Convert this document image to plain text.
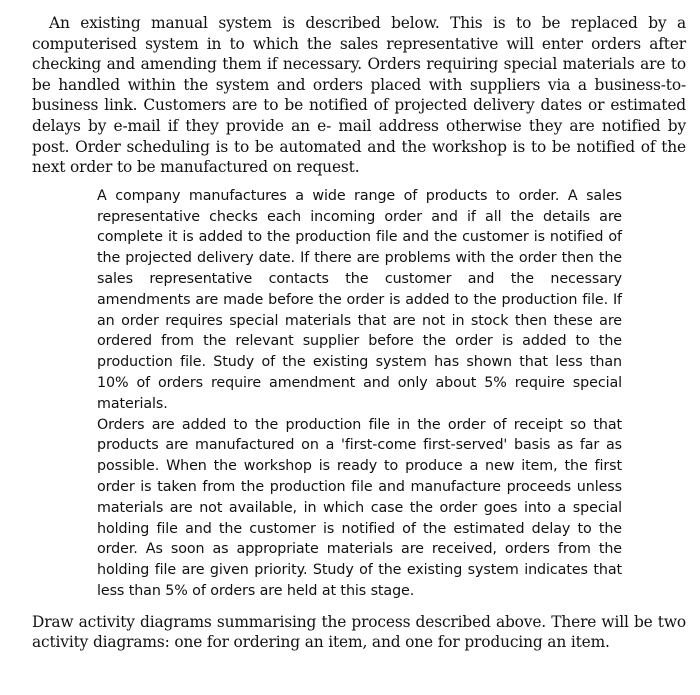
An existing manual system is described below. This is to be replaced by a computerised system in to which the sales representative will enter orders after checking and amending them if necessary. Orders requiring special materials are to be handled within the system and orders placed with suppliers via a business-to-business link. Customers are to be notified of projected delivery dates or estimated delays by e-mail if they provide an e- mail address otherwise they are notified by post. Order scheduling is to be automated and the workshop is to be notified of the next order to be manufactured on request.

A company manufactures a wide range of products to order. A sales representative checks each incoming order and if all the details are complete it is added to the production file and the customer is notified of the projected delivery date. If there are problems with the order then the sales representative contacts the customer and the necessary amendments are made before the order is added to the production file. If an order requires special materials that are not in stock then these are ordered from the relevant supplier before the order is added to the production file. Study of the existing system has shown that less than 10% of orders require amendment and only about 5% require special materials.

Orders are added to the production file in the order of receipt so that products are manufactured on a 'first-come first-served' basis as far as possible. When the workshop is ready to produce a new item, the first order is taken from the production file and manufacture proceeds unless materials are not available, in which case the order goes into a special holding file and the customer is notified of the estimated delay to the order. As soon as appropriate materials are received, orders from the holding file are given priority. Study of the existing system indicates that less than 5% of orders are held at this stage.

Draw activity diagrams summarising the process described above. There will be two activity diagrams: one for ordering an item, and one for producing an item.
